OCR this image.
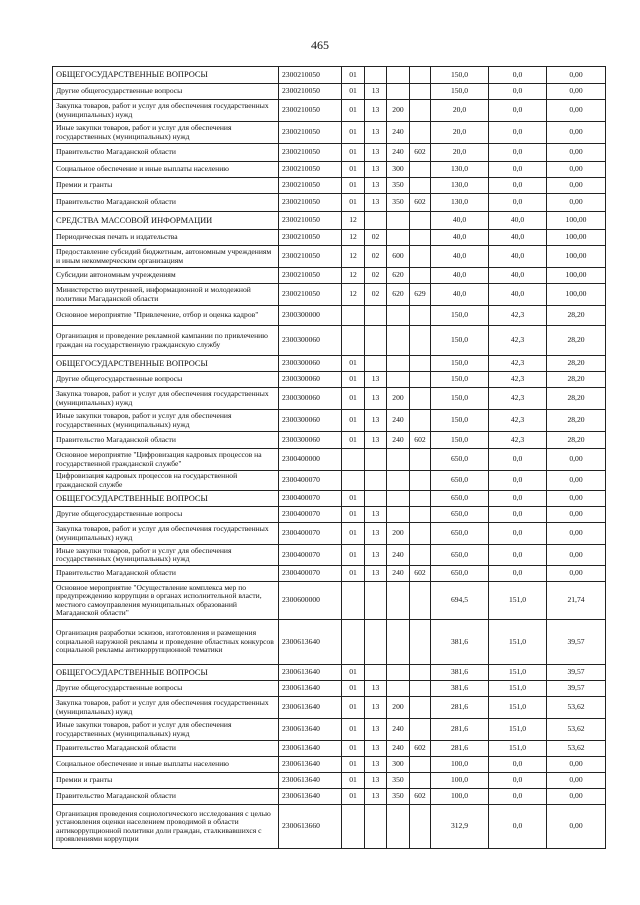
465
ОБЩЕГОСУДАРСТВЕННЫЕ ВОПРОСЫ	2300210050	01				150,0	0,0	0,00
Другие общегосударственные вопросы	2300210050	01	13			150,0	0,0	0,00
Закупка товаров, работ и услуг для обеспечения государственных (муниципальных) нужд	2300210050	01	13	200		20,0	0,0	0,00
Иные закупки товаров, работ и услуг для обеспечения государственных (муниципальных) нужд	2300210050	01	13	240		20,0	0,0	0,00
Правительство Магаданской области	2300210050	01	13	240	602	20,0	0,0	0,00
Социальное обеспечение и иные выплаты населению	2300210050	01	13	300		130,0	0,0	0,00
Премии и гранты	2300210050	01	13	350		130,0	0,0	0,00
Правительство Магаданской области	2300210050	01	13	350	602	130,0	0,0	0,00
СРЕДСТВА МАССОВОЙ ИНФОРМАЦИИ	2300210050	12				40,0	40,0	100,00
Периодическая печать и издательства	2300210050	12	02			40,0	40,0	100,00
Предоставление субсидий бюджетным, автономным учреждениям и иным некоммерческим организациям	2300210050	12	02	600		40,0	40,0	100,00
Субсидии автономным учреждениям	2300210050	12	02	620		40,0	40,0	100,00
Министерство внутренней, информационной и молодежной политики Магаданской области	2300210050	12	02	620	629	40,0	40,0	100,00
Основное мероприятие "Привлечение, отбор и оценка кадров"	2300300000					150,0	42,3	28,20
Организация и проведение рекламной кампании по привлечению граждан на государственную гражданскую службу	2300300060					150,0	42,3	28,20
ОБЩЕГОСУДАРСТВЕННЫЕ ВОПРОСЫ	2300300060	01				150,0	42,3	28,20
Другие общегосударственные вопросы	2300300060	01	13			150,0	42,3	28,20
Закупка товаров, работ и услуг для обеспечения государственных (муниципальных) нужд	2300300060	01	13	200		150,0	42,3	28,20
Иные закупки товаров, работ и услуг для обеспечения государственных (муниципальных) нужд	2300300060	01	13	240		150,0	42,3	28,20
Правительство Магаданской области	2300300060	01	13	240	602	150,0	42,3	28,20
Основное мероприятие "Цифровизация кадровых процессов на государственной гражданской службе"	2300400000					650,0	0,0	0,00
Цифровизация кадровых процессов на государственной гражданской службе	2300400070					650,0	0,0	0,00
ОБЩЕГОСУДАРСТВЕННЫЕ ВОПРОСЫ	2300400070	01				650,0	0,0	0,00
Другие общегосударственные вопросы	2300400070	01	13			650,0	0,0	0,00
Закупка товаров, работ и услуг для обеспечения государственных (муниципальных) нужд	2300400070	01	13	200		650,0	0,0	0,00
Иные закупки товаров, работ и услуг для обеспечения государственных (муниципальных) нужд	2300400070	01	13	240		650,0	0,0	0,00
Правительство Магаданской области	2300400070	01	13	240	602	650,0	0,0	0,00
Основное мероприятие "Осуществление комплекса мер по предупреждению коррупции в органах исполнительной власти, местного самоуправления муниципальных образований Магаданской области"	2300600000					694,5	151,0	21,74
Организация разработки эскизов, изготовления и размещения социальной наружной рекламы и проведение областных конкурсов социальной рекламы антикоррупционной тематики	2300613640					381,6	151,0	39,57
ОБЩЕГОСУДАРСТВЕННЫЕ ВОПРОСЫ	2300613640	01				381,6	151,0	39,57
Другие общегосударственные вопросы	2300613640	01	13			381,6	151,0	39,57
Закупка товаров, работ и услуг для обеспечения государственных (муниципальных) нужд	2300613640	01	13	200		281,6	151,0	53,62
Иные закупки товаров, работ и услуг для обеспечения государственных (муниципальных) нужд	2300613640	01	13	240		281,6	151,0	53,62
Правительство Магаданской области	2300613640	01	13	240	602	281,6	151,0	53,62
Социальное обеспечение и иные выплаты населению	2300613640	01	13	300		100,0	0,0	0,00
Премии и гранты	2300613640	01	13	350		100,0	0,0	0,00
Правительство Магаданской области	2300613640	01	13	350	602	100,0	0,0	0,00
Организация проведения социологического исследования с целью установления оценки населением проводимой в области антикоррупционной политики доли граждан, сталкивавшихся с проявлениями коррупции	2300613660					312,9	0,0	0,00
